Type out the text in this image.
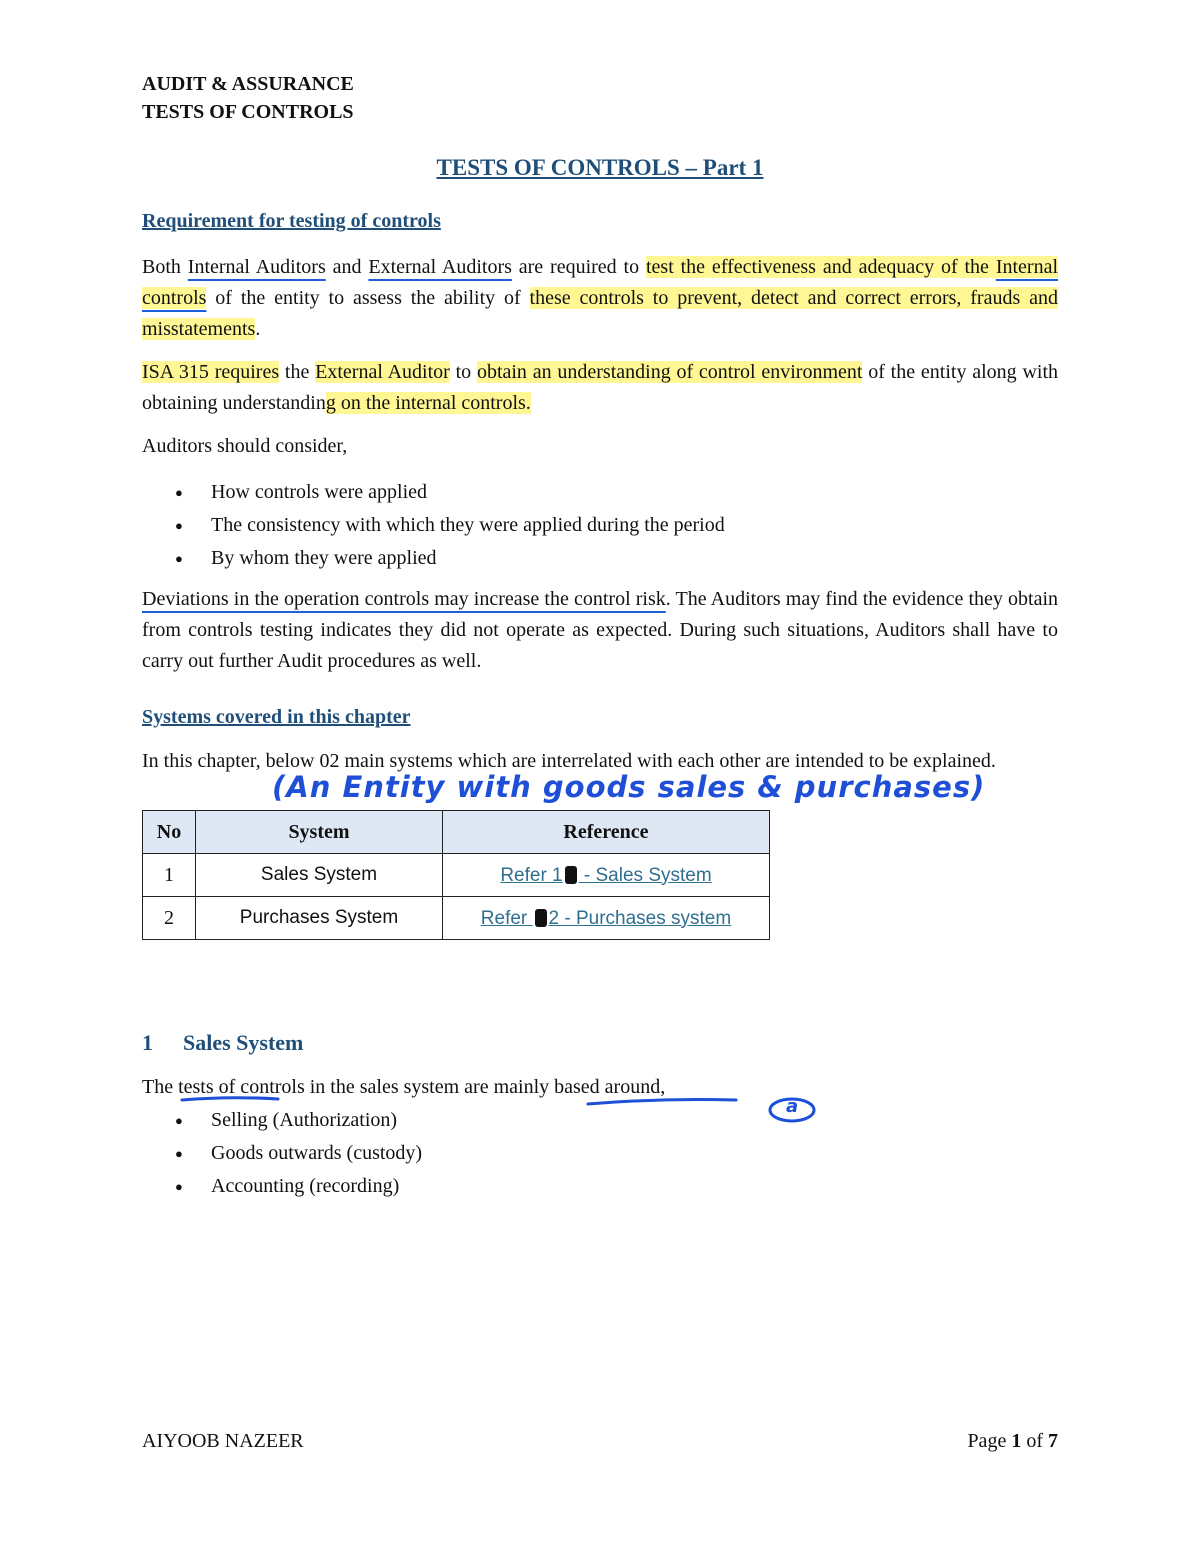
AUDIT & ASSURANCE
TESTS OF CONTROLS
TESTS OF CONTROLS – Part 1
Requirement for testing of controls
Both Internal Auditors and External Auditors are required to test the effectiveness and adequacy of the Internal controls of the entity to assess the ability of these controls to prevent, detect and correct errors, frauds and misstatements.
ISA 315 requires the External Auditor to obtain an understanding of control environment of the entity along with obtaining understanding on the internal controls.
Auditors should consider,
● How controls were applied
● The consistency with which they were applied during the period
● By whom they were applied
Deviations in the operation controls may increase the control risk. The Auditors may find the evidence they obtain from controls testing indicates they did not operate as expected. During such situations, Auditors shall have to carry out further Audit procedures as well.
Systems covered in this chapter
In this chapter, below 02 main systems which are interrelated with each other are intended to be explained.
(An Entity with goods sales & purchases)
No	System	Reference
1	Sales System	Refer 1 - Sales System
2	Purchases System	Refer 2 - Purchases system
1 Sales System
The tests of controls in the sales system are mainly based around,
a
● Selling (Authorization)
● Goods outwards (custody)
● Accounting (recording)
AIYOOB NAZEER	Page 1 of 7
